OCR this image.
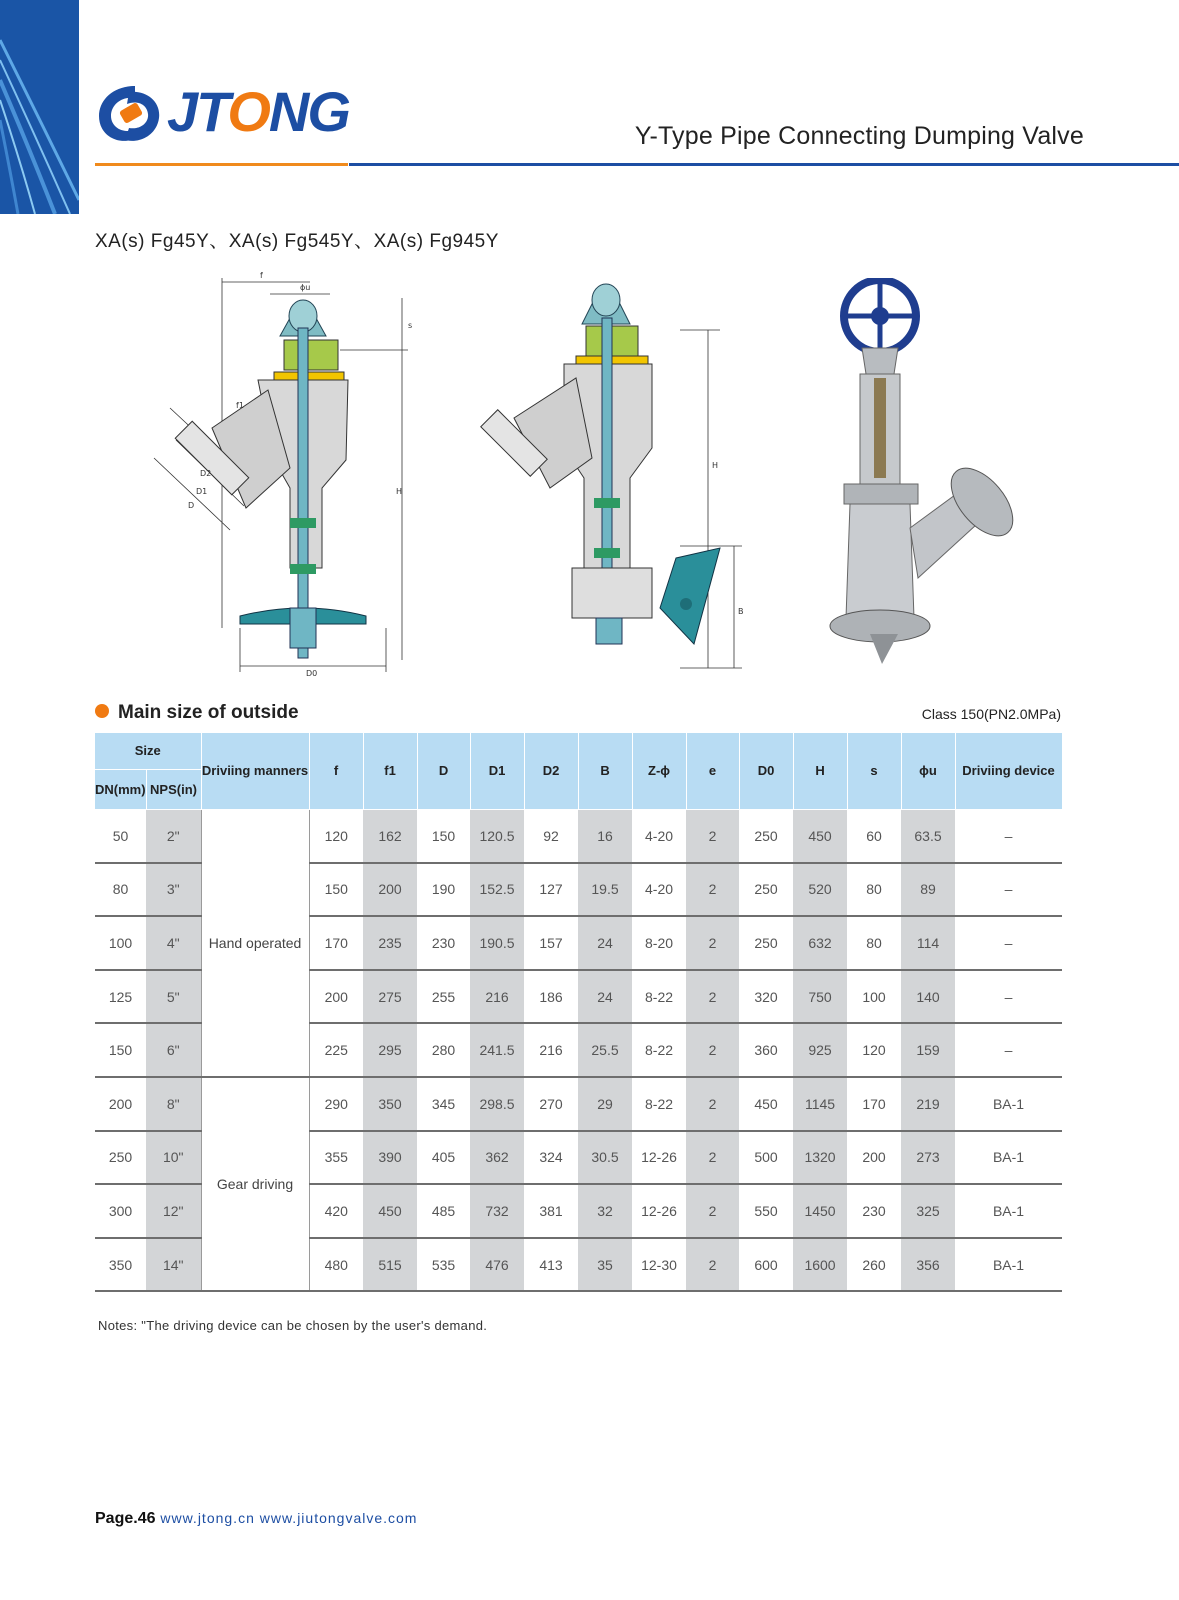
JTONG	Y-Type Pipe Connecting Dumping Valve
XA(s) Fg45Y、XA(s) Fg545Y、XA(s) Fg945Y
f
ϕu
s
f1
D2
D1
D
H
D0
H
B
Main size of outside	Class 150(PN2.0MPa)
Size		Driviing manners	f	f1	D	D1	D2	B	Z-ϕ	e	D0	H	s	ϕu	Driviing device
DN(mm)	NPS(in)														
50	2"	Hand operated	120	162	150	120.5	92	16	4-20	2	250	450	60	63.5	–
80	3"		150	200	190	152.5	127	19.5	4-20	2	250	520	80	89	–
100	4"		170	235	230	190.5	157	24	8-20	2	250	632	80	114	–
125	5"		200	275	255	216	186	24	8-22	2	320	750	100	140	–
150	6"		225	295	280	241.5	216	25.5	8-22	2	360	925	120	159	–
200	8"	Gear driving	290	350	345	298.5	270	29	8-22	2	450	1145	170	219	BA-1
250	10"		355	390	405	362	324	30.5	12-26	2	500	1320	200	273	BA-1
300	12"		420	450	485	732	381	32	12-26	2	550	1450	230	325	BA-1
350	14"		480	515	535	476	413	35	12-30	2	600	1600	260	356	BA-1
Notes: "The driving device can be chosen by the user's demand.
Page.46 www.jtong.cn www.jiutongvalve.com
